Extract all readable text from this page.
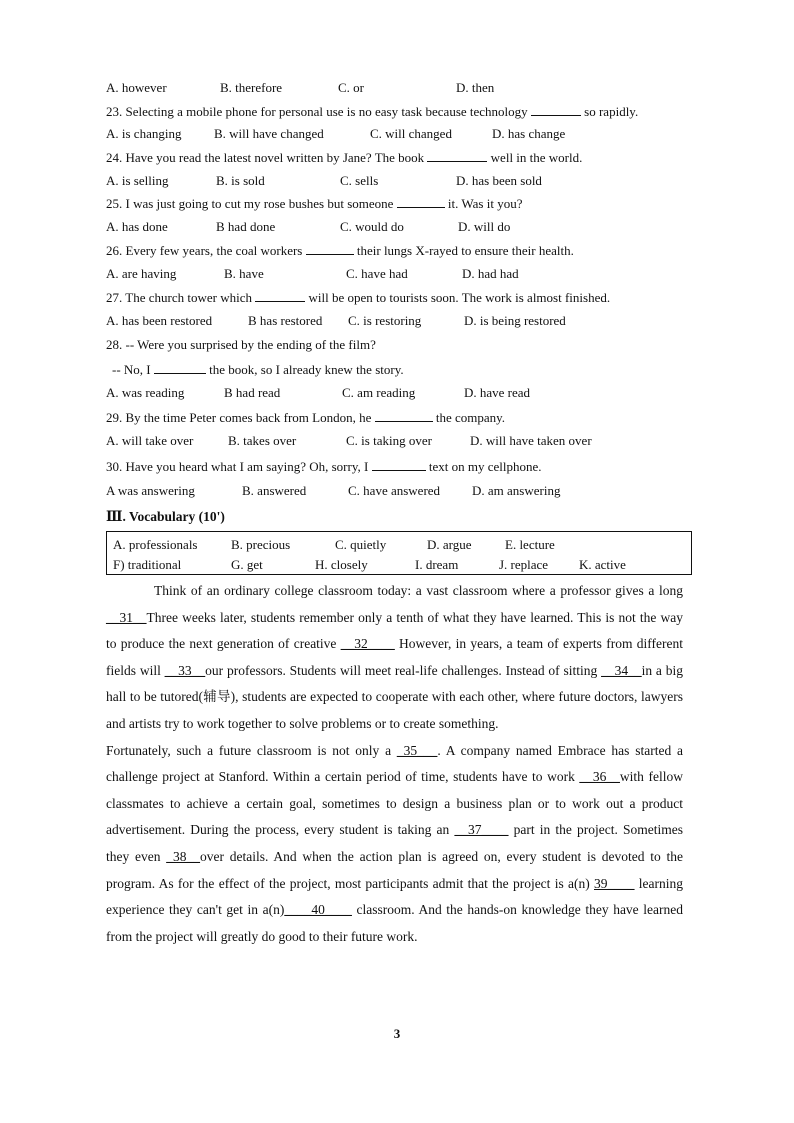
A. however	B. therefore	C. or	D. then
23. Selecting a mobile phone for personal use is no easy task because technology	so rapidly.
A. is changing	B. will have changed	C. will changed	D. has change
24. Have you read the latest novel written by Jane? The book	well in the world.
A. is selling	B. is sold	C. sells	D. has been sold
25. I was just going to cut my rose bushes but someone	it. Was it you?
A. has done	B had done	C. would do	D. will do
26. Every few years, the coal workers	their lungs X-rayed to ensure their health.
A. are having	B. have	C. have had	D. had had
27. The church tower which	will be open to tourists soon. The work is almost finished.
A. has been restored	B has restored C. is restoring	D. is being restored
28. -- Were you surprised by the ending of the film?
-- No, I	the book, so I already knew the story.
A. was reading	B had read	C. am reading	D. have read
29. By the time Peter comes back from London, he	the company.
A. will take over	B. takes over	C. is taking over	D. will have taken over
30. Have you heard what I am saying? Oh, sorry, I	text on my cellphone.
A was answering	B. answered	C. have answered D. am answering
Ⅲ. Vocabulary (10')
A. professionals	B. precious	C. quietly	D. argue	E. lecture
F) traditional	G. get	H. closely	I. dream	J. replace K. active

Think of an ordinary college classroom today: a vast classroom where a professor gives a long __31__Three weeks later, students remember only a tenth of what they have learned. This is not the way to produce the next generation of creative __32____ However, in years, a team of experts from different fields will __33__our professors. Students will meet real-life challenges. Instead of sitting __34__in a big hall to be tutored(辅导), students are expected to cooperate with each other, where future doctors, lawyers and artists try to work together to solve problems or to create something.

Fortunately, such a future classroom is not only a _35___. A company named Embrace has started a challenge project at Stanford. Within a certain period of time, students have to work __36__with fellow classmates to achieve a certain goal, sometimes to design a business plan or to work out a product advertisement. During the process, every student is taking an __37____ part in the project. Sometimes they even _38__over details. And when the action plan is agreed on, every student is devoted to the program. As for the effect of the project, most participants admit that the project is a(n) 39____ learning experience they can't get in a(n)____40____ classroom. And the hands-on knowledge they have learned from the project will greatly do good to their future work.

3
